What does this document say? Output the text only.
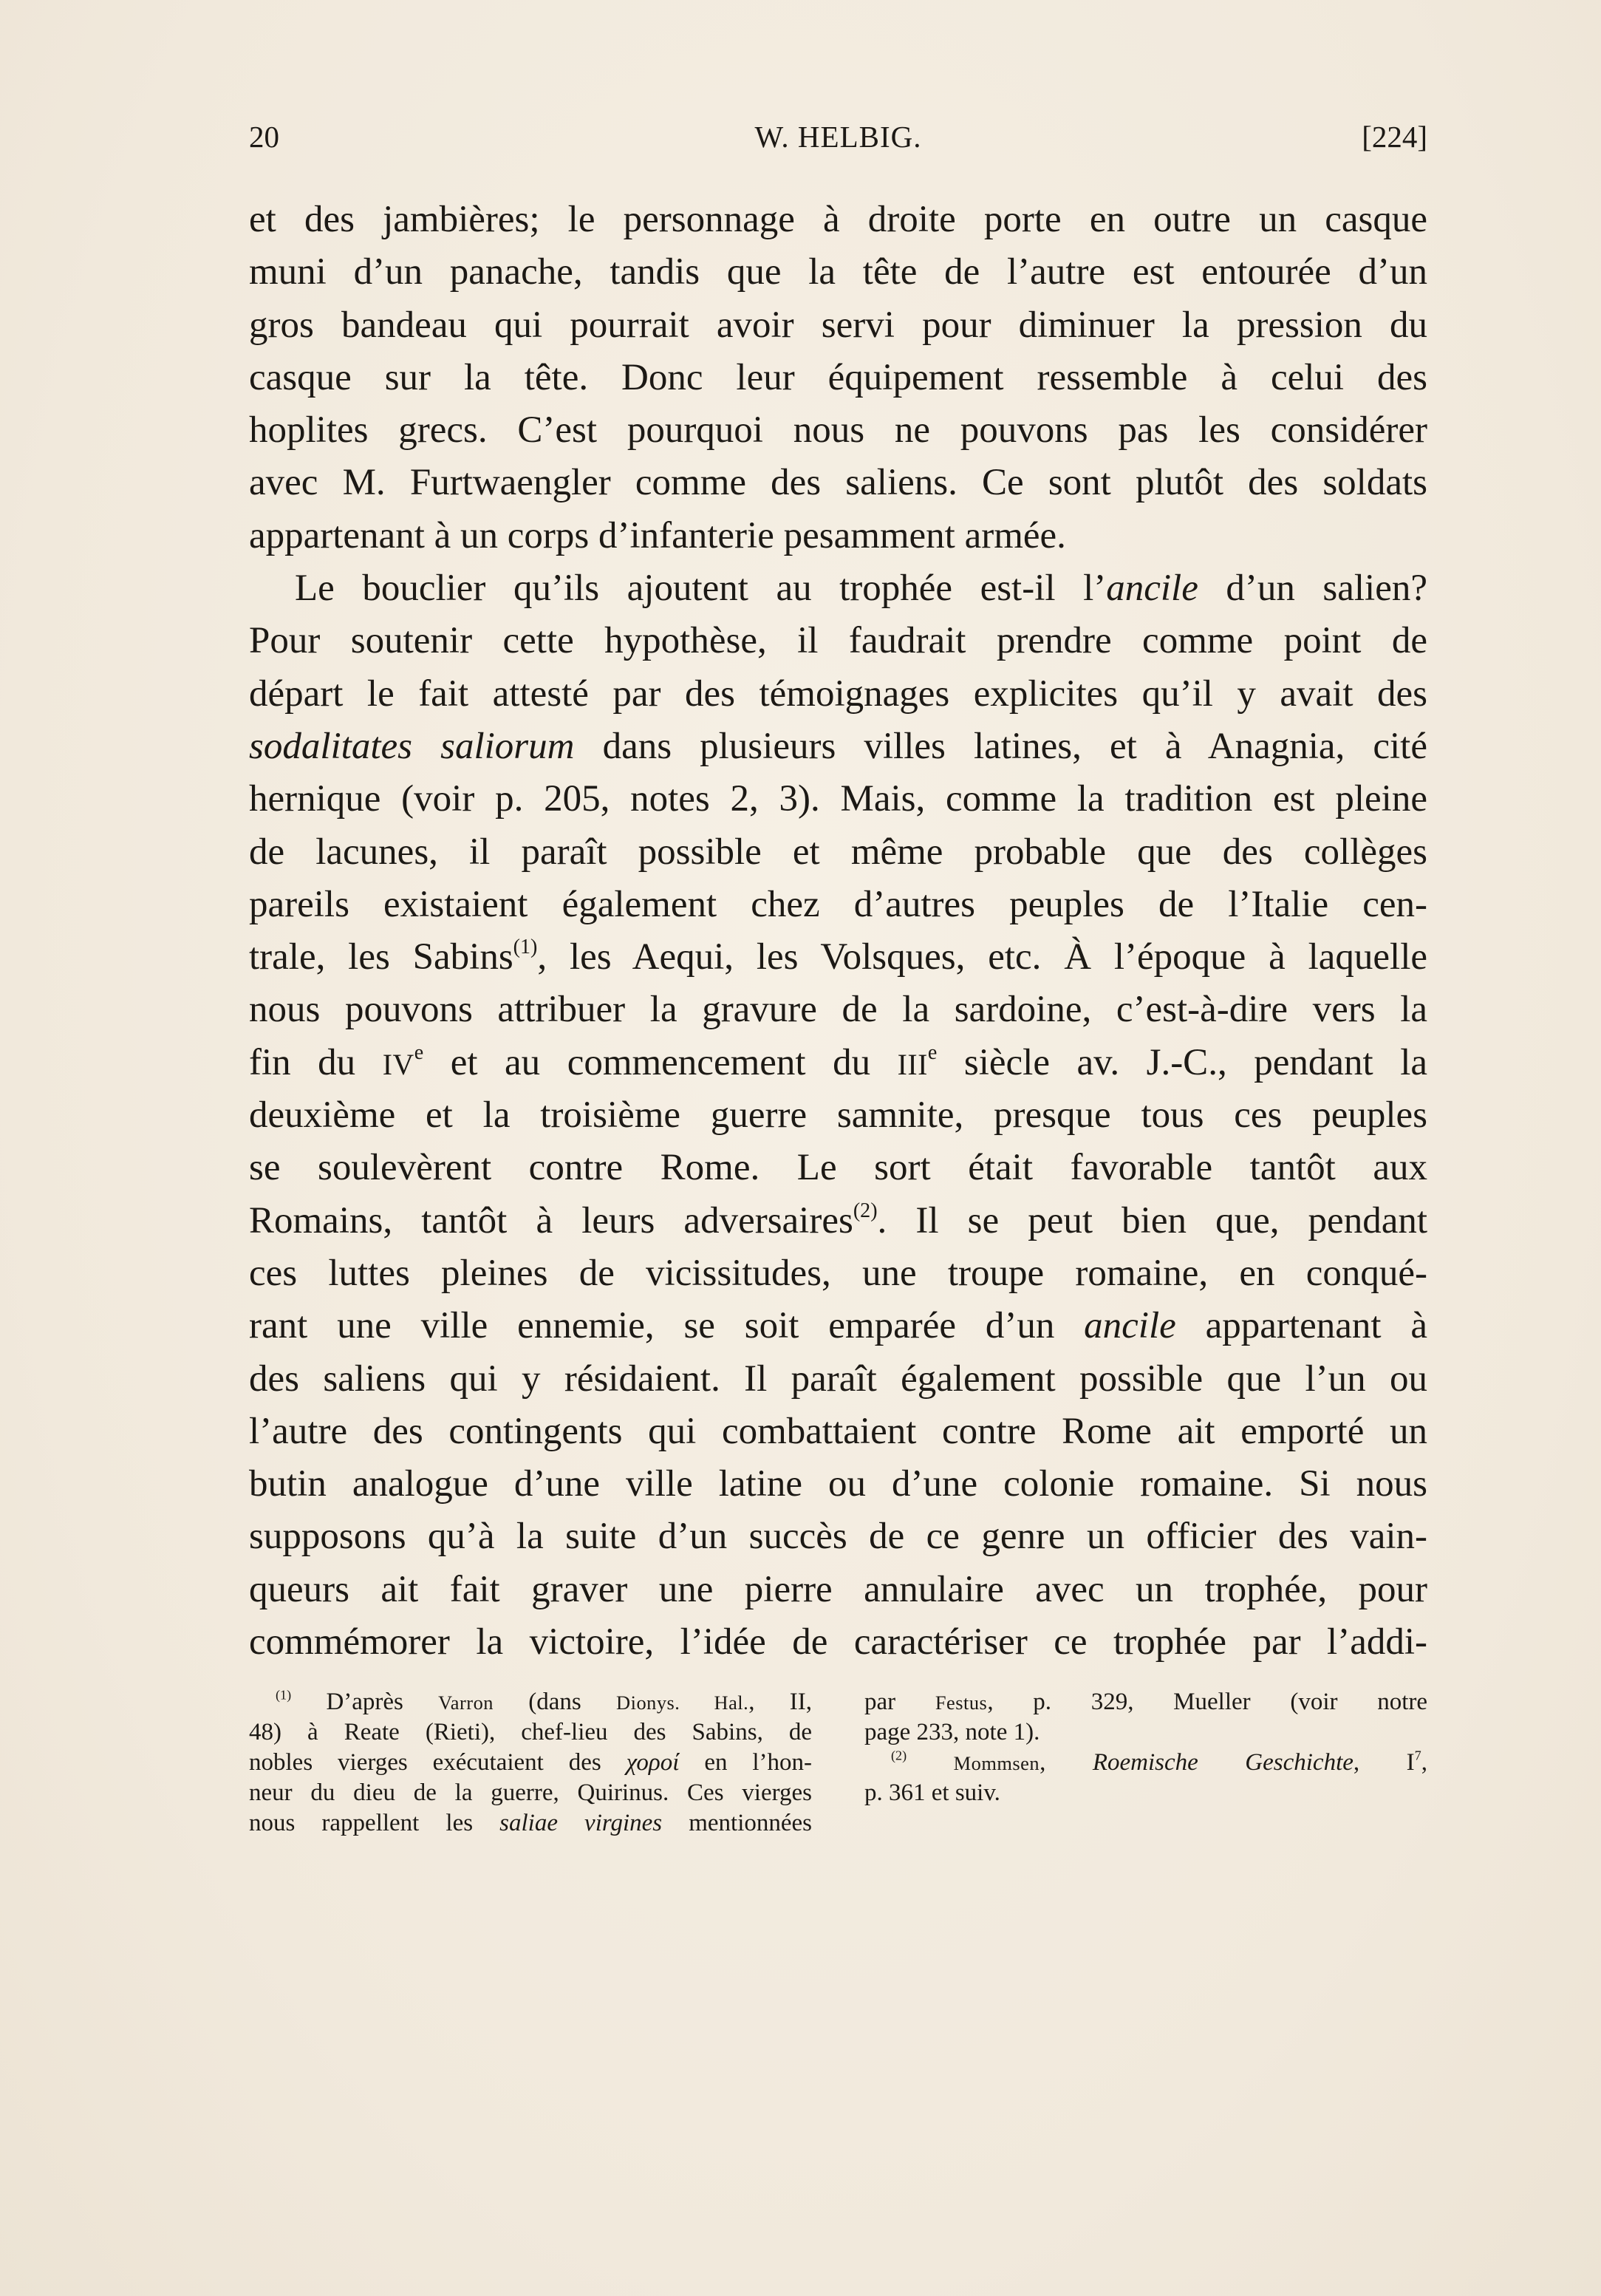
20	W. HELBIG.	[224]
et des jambières; le personnage à droite porte en outre un casque
muni d’un panache, tandis que la tête de l’autre est entourée d’un
gros bandeau qui pourrait avoir servi pour diminuer la pression du
casque sur la tête. Donc leur équipement ressemble à celui des
hoplites grecs. C’est pourquoi nous ne pouvons pas les considérer
avec M. Furtwaengler comme des saliens. Ce sont plutôt des soldats
appartenant à un corps d’infanterie pesamment armée.
Le bouclier qu’ils ajoutent au trophée est-il l’ancile d’un salien?
Pour soutenir cette hypothèse, il faudrait prendre comme point de
départ le fait attesté par des témoignages explicites qu’il y avait des
sodalitates saliorum dans plusieurs villes latines, et à Anagnia, cité
hernique (voir p. 205, notes 2, 3). Mais, comme la tradition est pleine
de lacunes, il paraît possible et même probable que des collèges
pareils existaient également chez d’autres peuples de l’Italie cen-
trale, les Sabins$^{(1)}$, les Aequi, les Volsques, etc. À l’époque à laquelle
nous pouvons attribuer la gravure de la sardoine, c’est-à-dire vers la
fin du IVe et au commencement du IIIe siècle av. J.-C., pendant la
deuxième et la troisième guerre samnite, presque tous ces peuples
se soulevèrent contre Rome. Le sort était favorable tantôt aux
Romains, tantôt à leurs adversaires$^{(2)}$. Il se peut bien que, pendant
ces luttes pleines de vicissitudes, une troupe romaine, en conqué-
rant une ville ennemie, se soit emparée d’un ancile appartenant à
des saliens qui y résidaient. Il paraît également possible que l’un ou
l’autre des contingents qui combattaient contre Rome ait emporté un
butin analogue d’une ville latine ou d’une colonie romaine. Si nous
supposons qu’à la suite d’un succès de ce genre un officier des vain-
queurs ait fait graver une pierre annulaire avec un trophée, pour
commémorer la victoire, l’idée de caractériser ce trophée par l’addi-
$^{(1)}$ D’après Varron (dans Dionys. Hal., II,
48) à Reate (Rieti), chef-lieu des Sabins, de
nobles vierges exécutaient des χοροί en l’hon-
neur du dieu de la guerre, Quirinus. Ces vierges
nous rappellent les saliae virgines mentionnées
par Festus, p. 329, Mueller (voir notre
page 233, note 1).
$^{(2)}$ Mommsen, Roemische Geschichte, $I^7$,
p. 361 et suiv.
